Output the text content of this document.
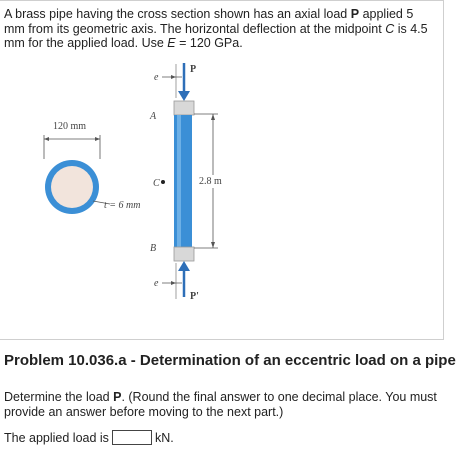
A brass pipe having the cross section shown has an axial load P applied 5 mm from its geometric axis. The horizontal deflection at the midpoint C is 4.5 mm for the applied load. Use E = 120 GPa.
120 mm
t = 6 mm
e
P
e
P'
A
B
C	2.8 m
Problem 10.036.a - Determination of an eccentric load on a pipe
Determine the load P. (Round the final answer to one decimal place. You must provide an answer before moving to the next part.)
The applied load is	kN.
